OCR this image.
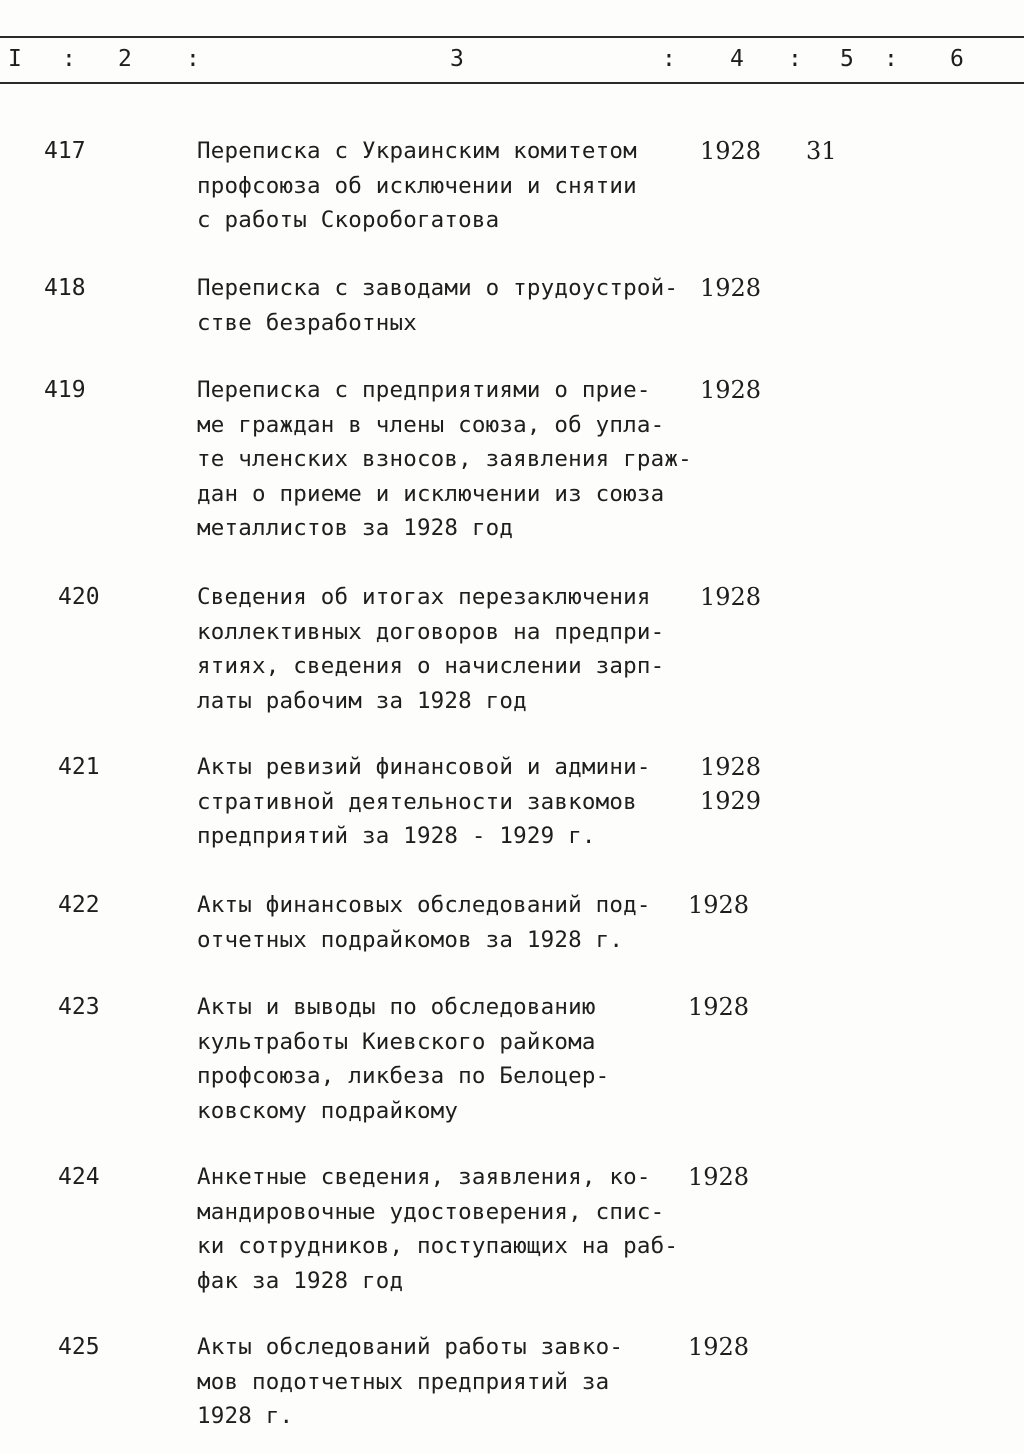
I : 2 :	3	: 4 : 5 : 6
417	Переписка с Украинским комитетом
профсоюза об исключении и снятии
с работы Скоробогатова
1928 31
418	Переписка с заводами о трудоустрой-
стве безработных
1928
419	Переписка с предприятиями о прие-
ме граждан в члены союза, об упла-
те членских взносов, заявления граж-
дан о приеме и исключении из союза
металлистов за 1928 год
1928
420	Сведения об итогах перезаключения
коллективных договоров на предпри-
ятиях, сведения о начислении зарп-
латы рабочим за 1928 год
1928
421	Акты ревизий финансовой и админи-
стративной деятельности завкомов
предприятий за 1928 - 1929 г.
1928
1929
422	Акты финансовых обследований под-
отчетных подрайкомов за 1928 г.
1928
423	Акты и выводы по обследованию
культработы Киевского райкома
профсоюза, ликбеза по Белоцер-
ковскому подрайкому
1928
424	Анкетные сведения, заявления, ко-
мандировочные удостоверения, спис-
ки сотрудников, поступающих на раб-
фак за 1928 год
1928
425	Акты обследований работы завко-
мов подотчетных предприятий за
1928 г.
1928
